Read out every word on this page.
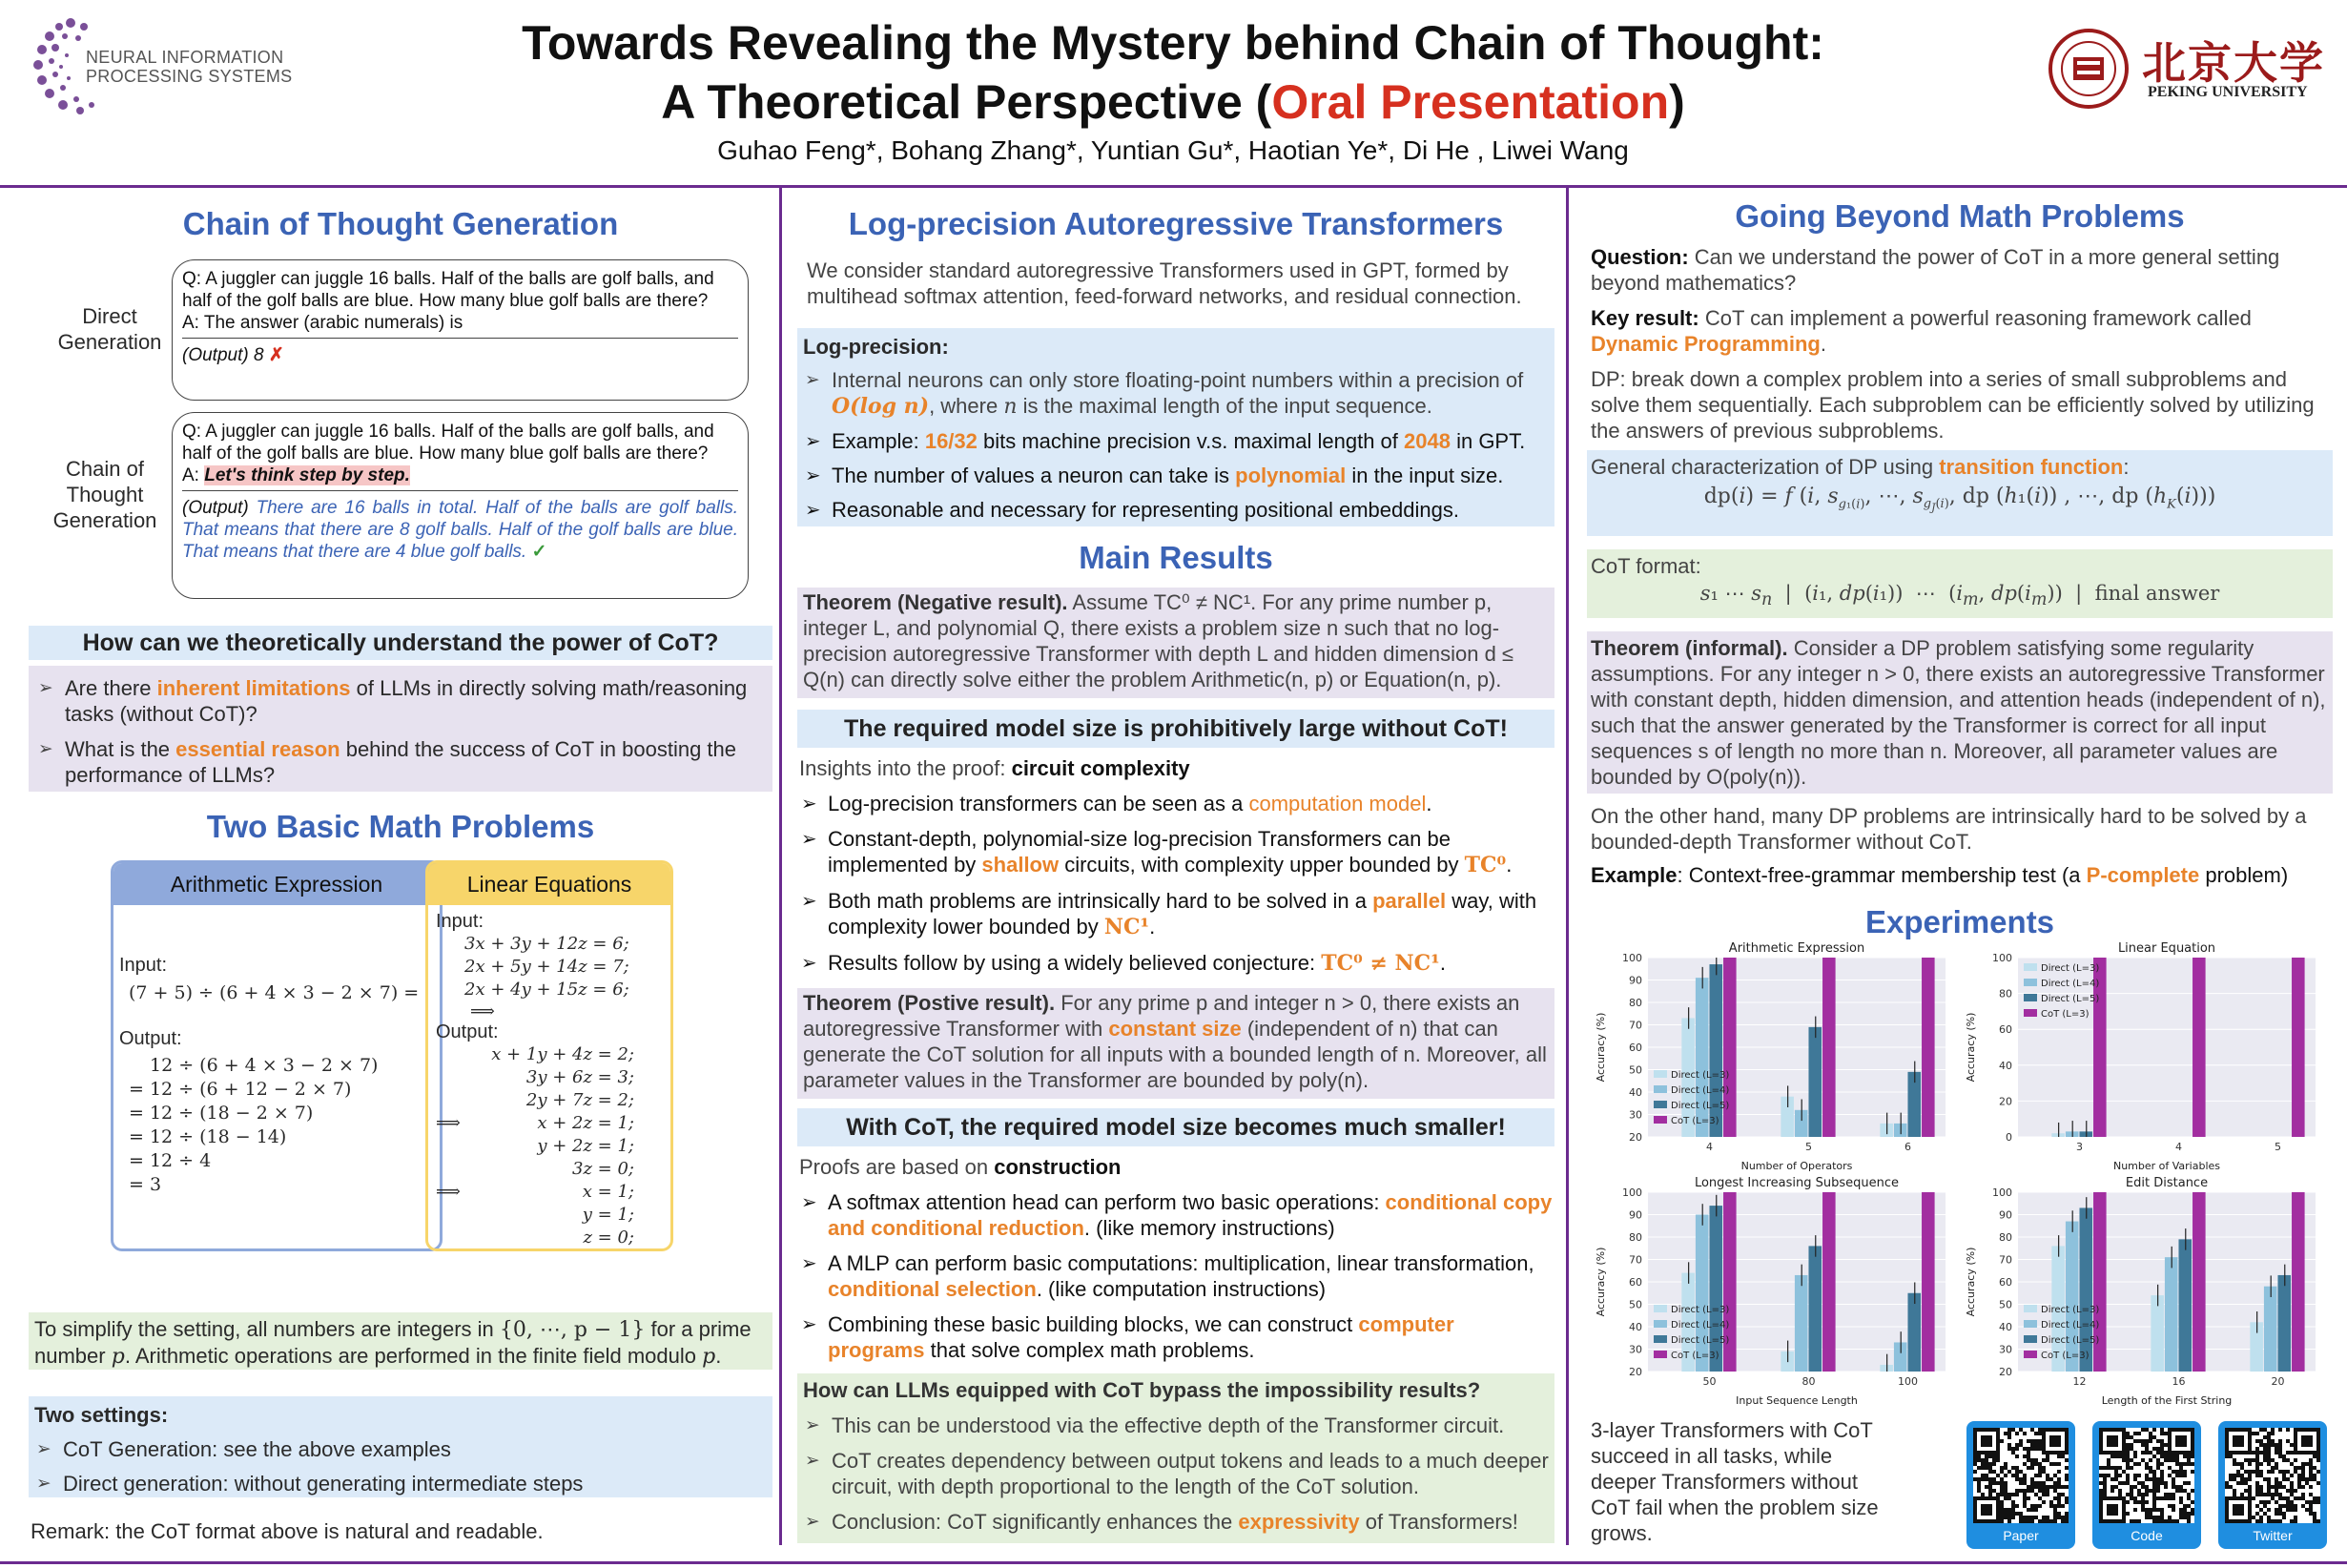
NEURAL INFORMATION
PROCESSING SYSTEMS
Towards Revealing the Mystery behind Chain of Thought:
A Theoretical Perspective (Oral Presentation)
Guhao Feng*, Bohang Zhang*, Yuntian Gu*, Haotian Ye*, Di He , Liwei Wang
北京大学
PEKING UNIVERSITY
Chain of Thought Generation
Direct Generation
Q: A juggler can juggle 16 balls. Half of the balls are golf balls, and half of the golf balls are blue. How many blue golf balls are there?
A: The answer (arabic numerals) is
(Output) 8 ✗
Chain of Thought Generation
Q: A juggler can juggle 16 balls. Half of the balls are golf balls, and half of the golf balls are blue. How many blue golf balls are there?
A: Let's think step by step.
(Output) There are 16 balls in total. Half of the balls are golf balls. That means that there are 8 golf balls. Half of the golf balls are blue. That means that there are 4 blue golf balls. ✓
How can we theoretically understand the power of CoT?
➢ Are there inherent limitations of LLMs in directly solving math/reasoning tasks (without CoT)?
➢ What is the essential reason behind the success of CoT in boosting the performance of LLMs?
Two Basic Math Problems
Arithmetic Expression
Input:
(7 + 5) ÷ (6 + 4 × 3 − 2 × 7) =
Output:
12 ÷ (6 + 4 × 3 − 2 × 7)
= 12 ÷ (6 + 12 − 2 × 7)
= 12 ÷ (18 − 2 × 7)
= 12 ÷ (18 − 14)
= 12 ÷ 4
= 3
Linear Equations
Input:
3x + 3y + 12z = 6;
2x + 5y + 14z = 7;
2x + 4y + 15z = 6;
⟹
Output:
x + 1y + 4z = 2;
3y + 6z = 3;
2y + 7z = 2;
⟹	x + 2z = 1;
y + 2z = 1;
3z = 0;
⟹	x = 1;
y = 1;
z = 0;
To simplify the setting, all numbers are integers in {0, ⋯, p − 1} for a prime number p. Arithmetic operations are performed in the finite field modulo p.
Two settings:
➢ CoT Generation: see the above examples
➢ Direct generation: without generating intermediate steps
Remark: the CoT format above is natural and readable.
Log-precision Autoregressive Transformers
We consider standard autoregressive Transformers used in GPT, formed by multihead softmax attention, feed-forward networks, and residual connection.
Log-precision:
➢ Internal neurons can only store floating-point numbers within a precision of O(log n), where n is the maximal length of the input sequence.
➢ Example: 16/32 bits machine precision v.s. maximal length of 2048 in GPT.
➢ The number of values a neuron can take is polynomial in the input size.
➢ Reasonable and necessary for representing positional embeddings.
Main Results
Theorem (Negative result). Assume TC⁰ ≠ NC¹. For any prime number p, integer L, and polynomial Q, there exists a problem size n such that no log-precision autoregressive Transformer with depth L and hidden dimension d ≤ Q(n) can directly solve either the problem Arithmetic(n, p) or Equation(n, p).
The required model size is prohibitively large without CoT!
Insights into the proof: circuit complexity
➢ Log-precision transformers can be seen as a computation model.
➢ Constant-depth, polynomial-size log-precision Transformers can be implemented by shallow circuits, with complexity upper bounded by TC⁰.
➢ Both math problems are intrinsically hard to be solved in a parallel way, with complexity lower bounded by NC¹.
➢ Results follow by using a widely believed conjecture: TC⁰ ≠ NC¹.
Theorem (Postive result). For any prime p and integer n > 0, there exists an autoregressive Transformer with constant size (independent of n) that can generate the CoT solution for all inputs with a bounded length of n. Moreover, all parameter values in the Transformer are bounded by poly(n).
With CoT, the required model size becomes much smaller!
Proofs are based on construction
➢ A softmax attention head can perform two basic operations: conditional copy and conditional reduction. (like memory instructions)
➢ A MLP can perform basic computations: multiplication, linear transformation, conditional selection. (like computation instructions)
➢ Combining these basic building blocks, we can construct computer programs that solve complex math problems.
How can LLMs equipped with CoT bypass the impossibility results?
➢ This can be understood via the effective depth of the Transformer circuit.
➢ CoT creates dependency between output tokens and leads to a much deeper circuit, with depth proportional to the length of the CoT solution.
➢ Conclusion: CoT significantly enhances the expressivity of Transformers!
Going Beyond Math Problems
Question: Can we understand the power of CoT in a more general setting beyond mathematics?
Key result: CoT can implement a powerful reasoning framework called Dynamic Programming.
DP: break down a complex problem into a series of small subproblems and solve them sequentially. Each subproblem can be efficiently solved by utilizing the answers of previous subproblems.
General characterization of DP using transition function:
dp(i) = f (i, $s_{g_1(i)}$, ⋯, $s_{g_J(i)}$, dp (h₁(i)) , ⋯, dp $(h_K(i))$)
CoT format:
s₁ ⋯ $s_n$  |  (i₁, dp(i₁))  ⋯  ($i_m$, $dp(i_m)$)  |  final answer
Theorem (informal). Consider a DP problem satisfying some regularity assumptions. For any integer n > 0, there exists an autoregressive Transformer with constant depth, hidden dimension, and attention heads (independent of n), such that the answer generated by the Transformer is correct for all input sequences s of length no more than n. Moreover, all parameter values are bounded by O(poly(n)).
On the other hand, many DP problems are intrinsically hard to be solved by a bounded-depth Transformer without CoT.
Example: Context-free-grammar membership test (a P-complete problem)
Experiments
20
30
40
50
60
70
80
90
100
Arithmetic Expression
Number of Operators
Accuracy (%)
4	5	6
Direct (L=3)
Direct (L=4)
Direct (L=5)
CoT (L=3)
0
20
40
60
80
100
Linear Equation
Number of Variables
Accuracy (%)
3	4	5
Direct (L=3)
Direct (L=4)
Direct (L=5)
CoT (L=3)
20
30
40
50
60
70
80
90
100
Longest Increasing Subsequence
Input Sequence Length
Accuracy (%)
50	80	100
Direct (L=3)
Direct (L=4)
Direct (L=5)
CoT (L=3)
20
30
40
50
60
70
80
90
100
Edit Distance
Length of the First String
Accuracy (%)
12	16	20
Direct (L=3)
Direct (L=4)
Direct (L=5)
CoT (L=3)
3-layer Transformers with CoT succeed in all tasks, while deeper Transformers without CoT fail when the problem size grows.	Paper	Code	Twitter
